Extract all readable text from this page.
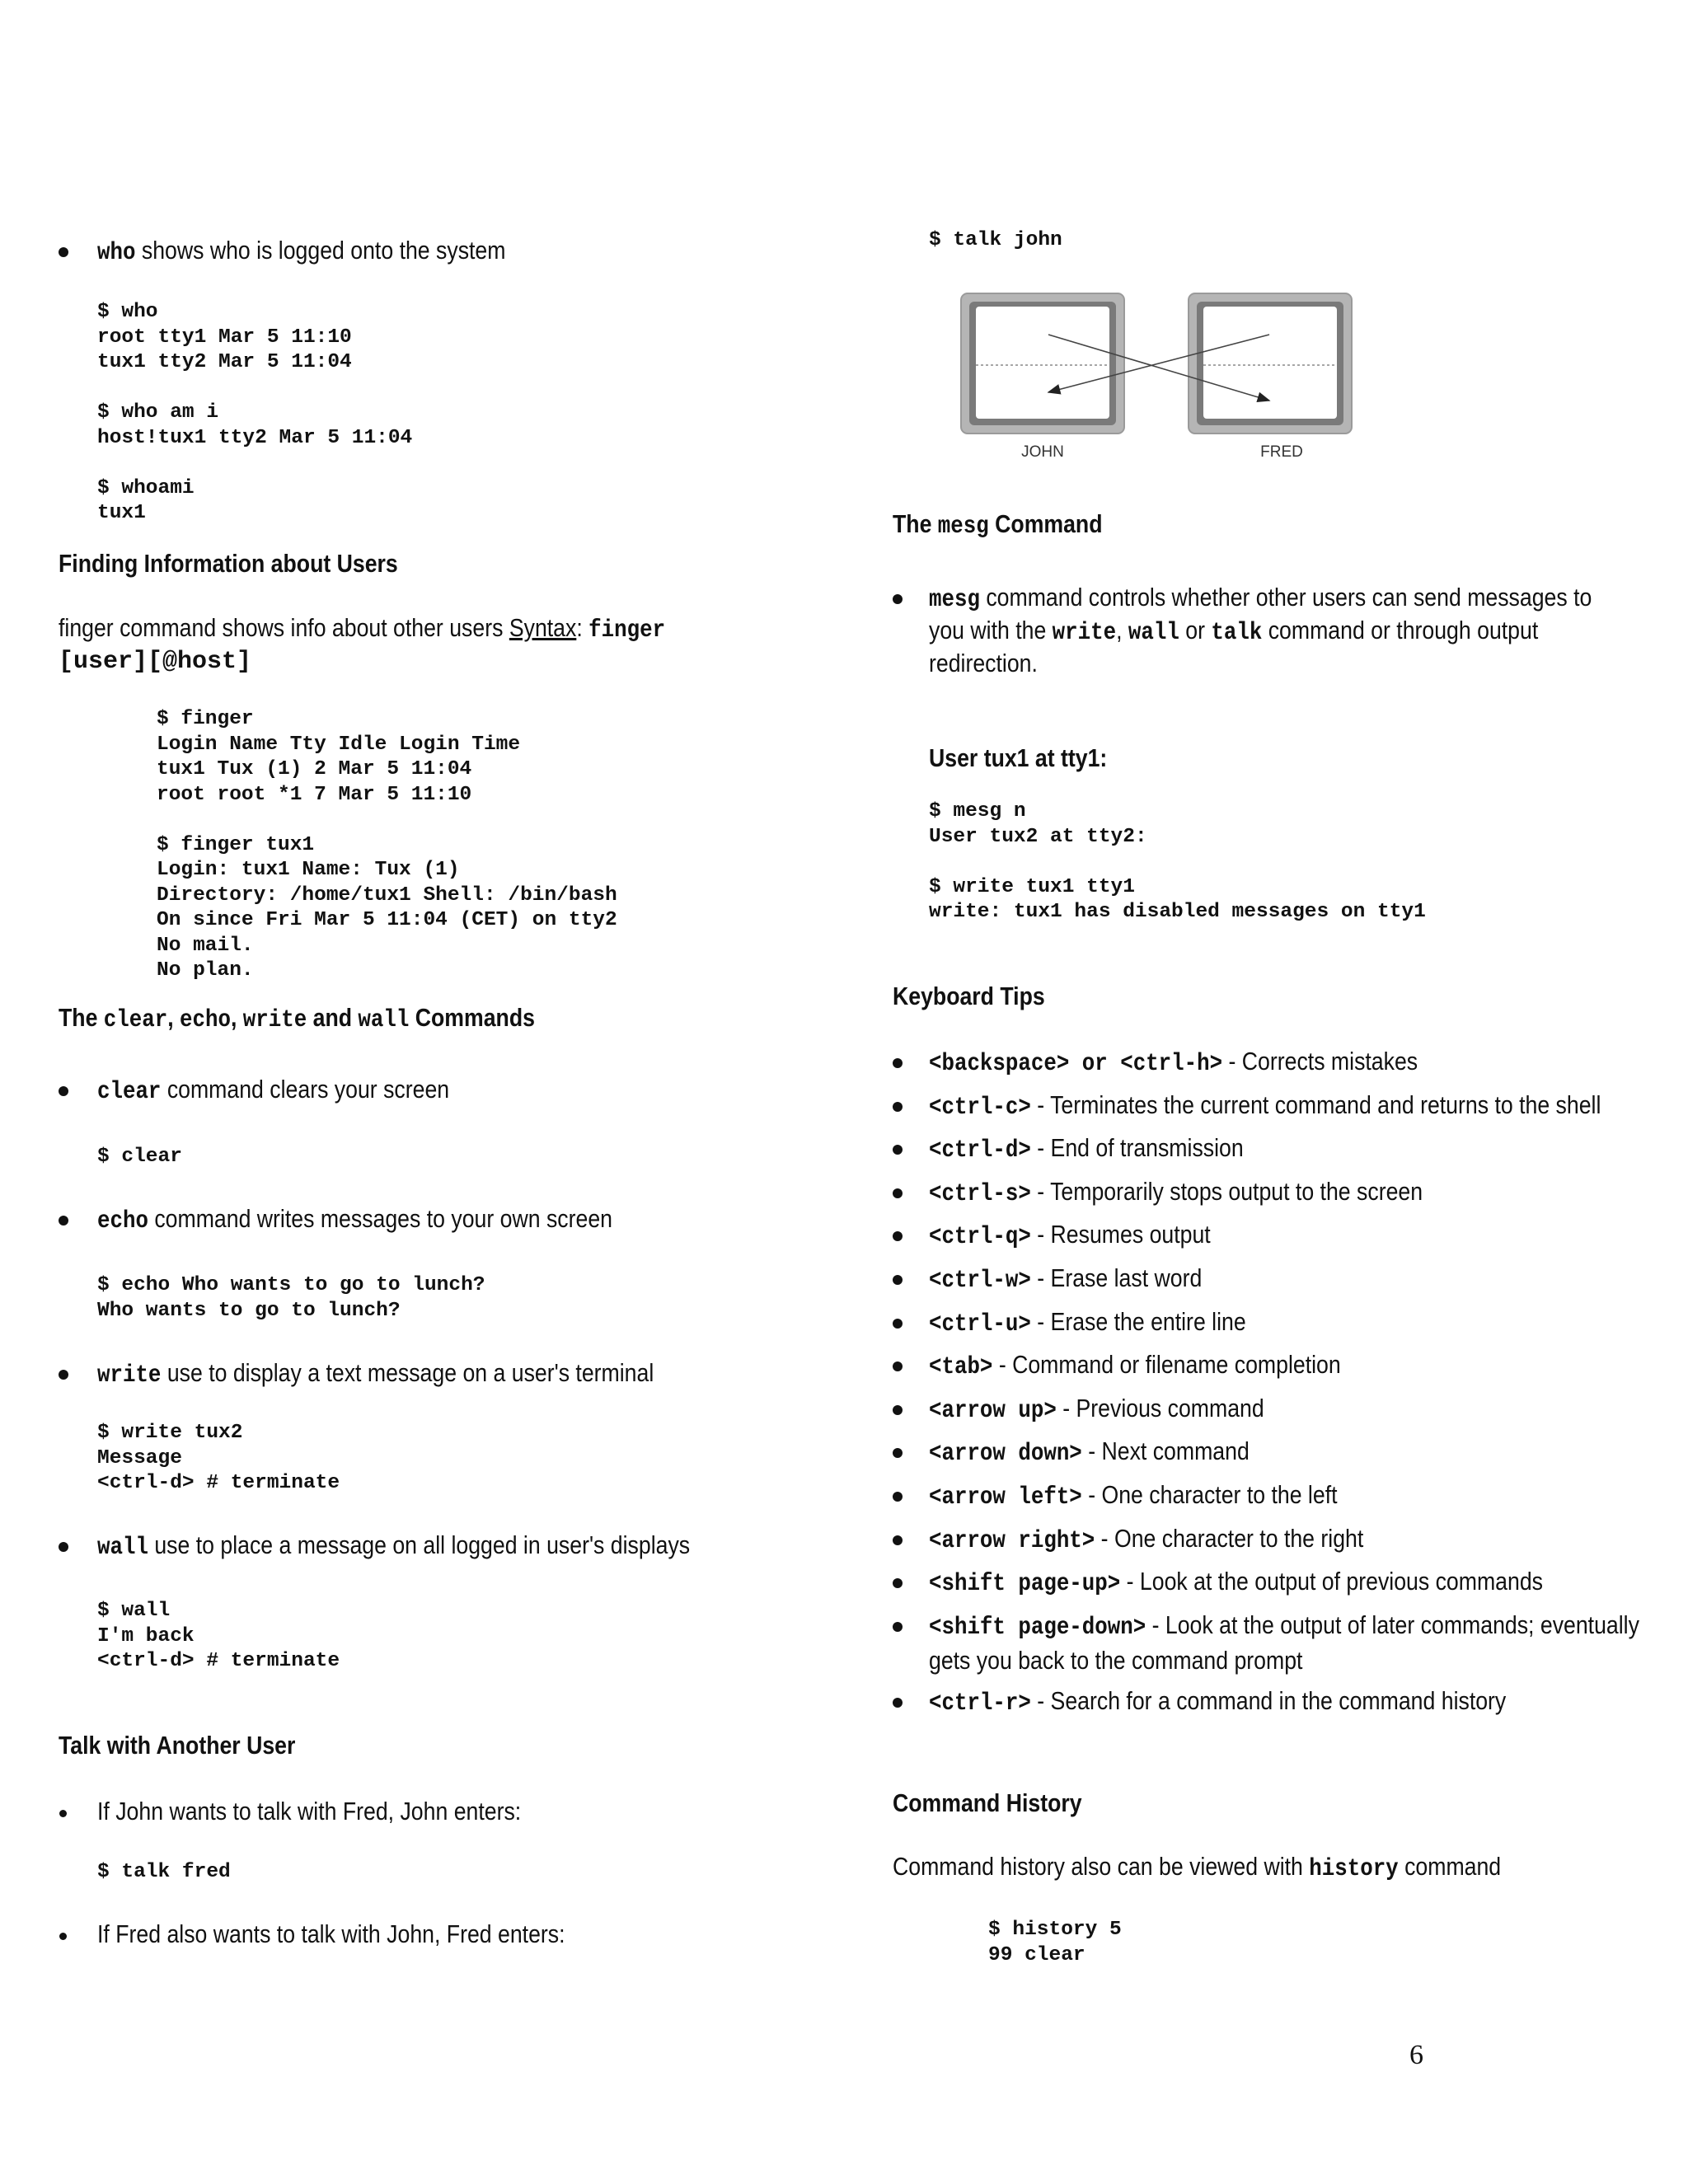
who shows who is logged onto the system
$ who
root tty1 Mar 5 11:10
tux1 tty2 Mar 5 11:04

$ who am i
host!tux1 tty2 Mar 5 11:04

$ whoami
tux1
Finding Information about Users
finger command shows info about other users Syntax: finger
[user][@host]
$ finger
Login Name Tty Idle Login Time
tux1 Tux (1) 2 Mar 5 11:04
root root *1 7 Mar 5 11:10

$ finger tux1
Login: tux1 Name: Tux (1)
Directory: /home/tux1 Shell: /bin/bash
On since Fri Mar 5 11:04 (CET) on tty2
No mail.
No plan.
The clear, echo, write and wall Commands
clear command clears your screen
$ clear
echo command writes messages to your own screen
$ echo Who wants to go to lunch?
Who wants to go to lunch?
write use to display a text message on a user's terminal
$ write tux2
Message
<ctrl-d> # terminate
wall use to place a message on all logged in user's displays
$ wall
I'm back
<ctrl-d> # terminate
Talk with Another User
If John wants to talk with Fred, John enters:
$ talk fred
If Fred also wants to talk with John, Fred enters:
$ talk john
JOHN	FRED
The mesg Command
mesg command controls whether other users can send messages to
you with the write, wall or talk command or through output
redirection.
User tux1 at tty1:
$ mesg n
User tux2 at tty2:

$ write tux1 tty1
write: tux1 has disabled messages on tty1
Keyboard Tips
<backspace> or <ctrl-h> - Corrects mistakes
<ctrl-c> - Terminates the current command and returns to the shell
<ctrl-d> - End of transmission
<ctrl-s> - Temporarily stops output to the screen
<ctrl-q> - Resumes output
<ctrl-w> - Erase last word
<ctrl-u> - Erase the entire line
<tab> - Command or filename completion
<arrow up> - Previous command
<arrow down> - Next command
<arrow left> - One character to the left
<arrow right> - One character to the right
<shift page-up> - Look at the output of previous commands
<shift page-down> - Look at the output of later commands; eventually gets you back to the command prompt
<ctrl-r> - Search for a command in the command history
Command History
Command history also can be viewed with history command
$ history 5
99 clear
6
